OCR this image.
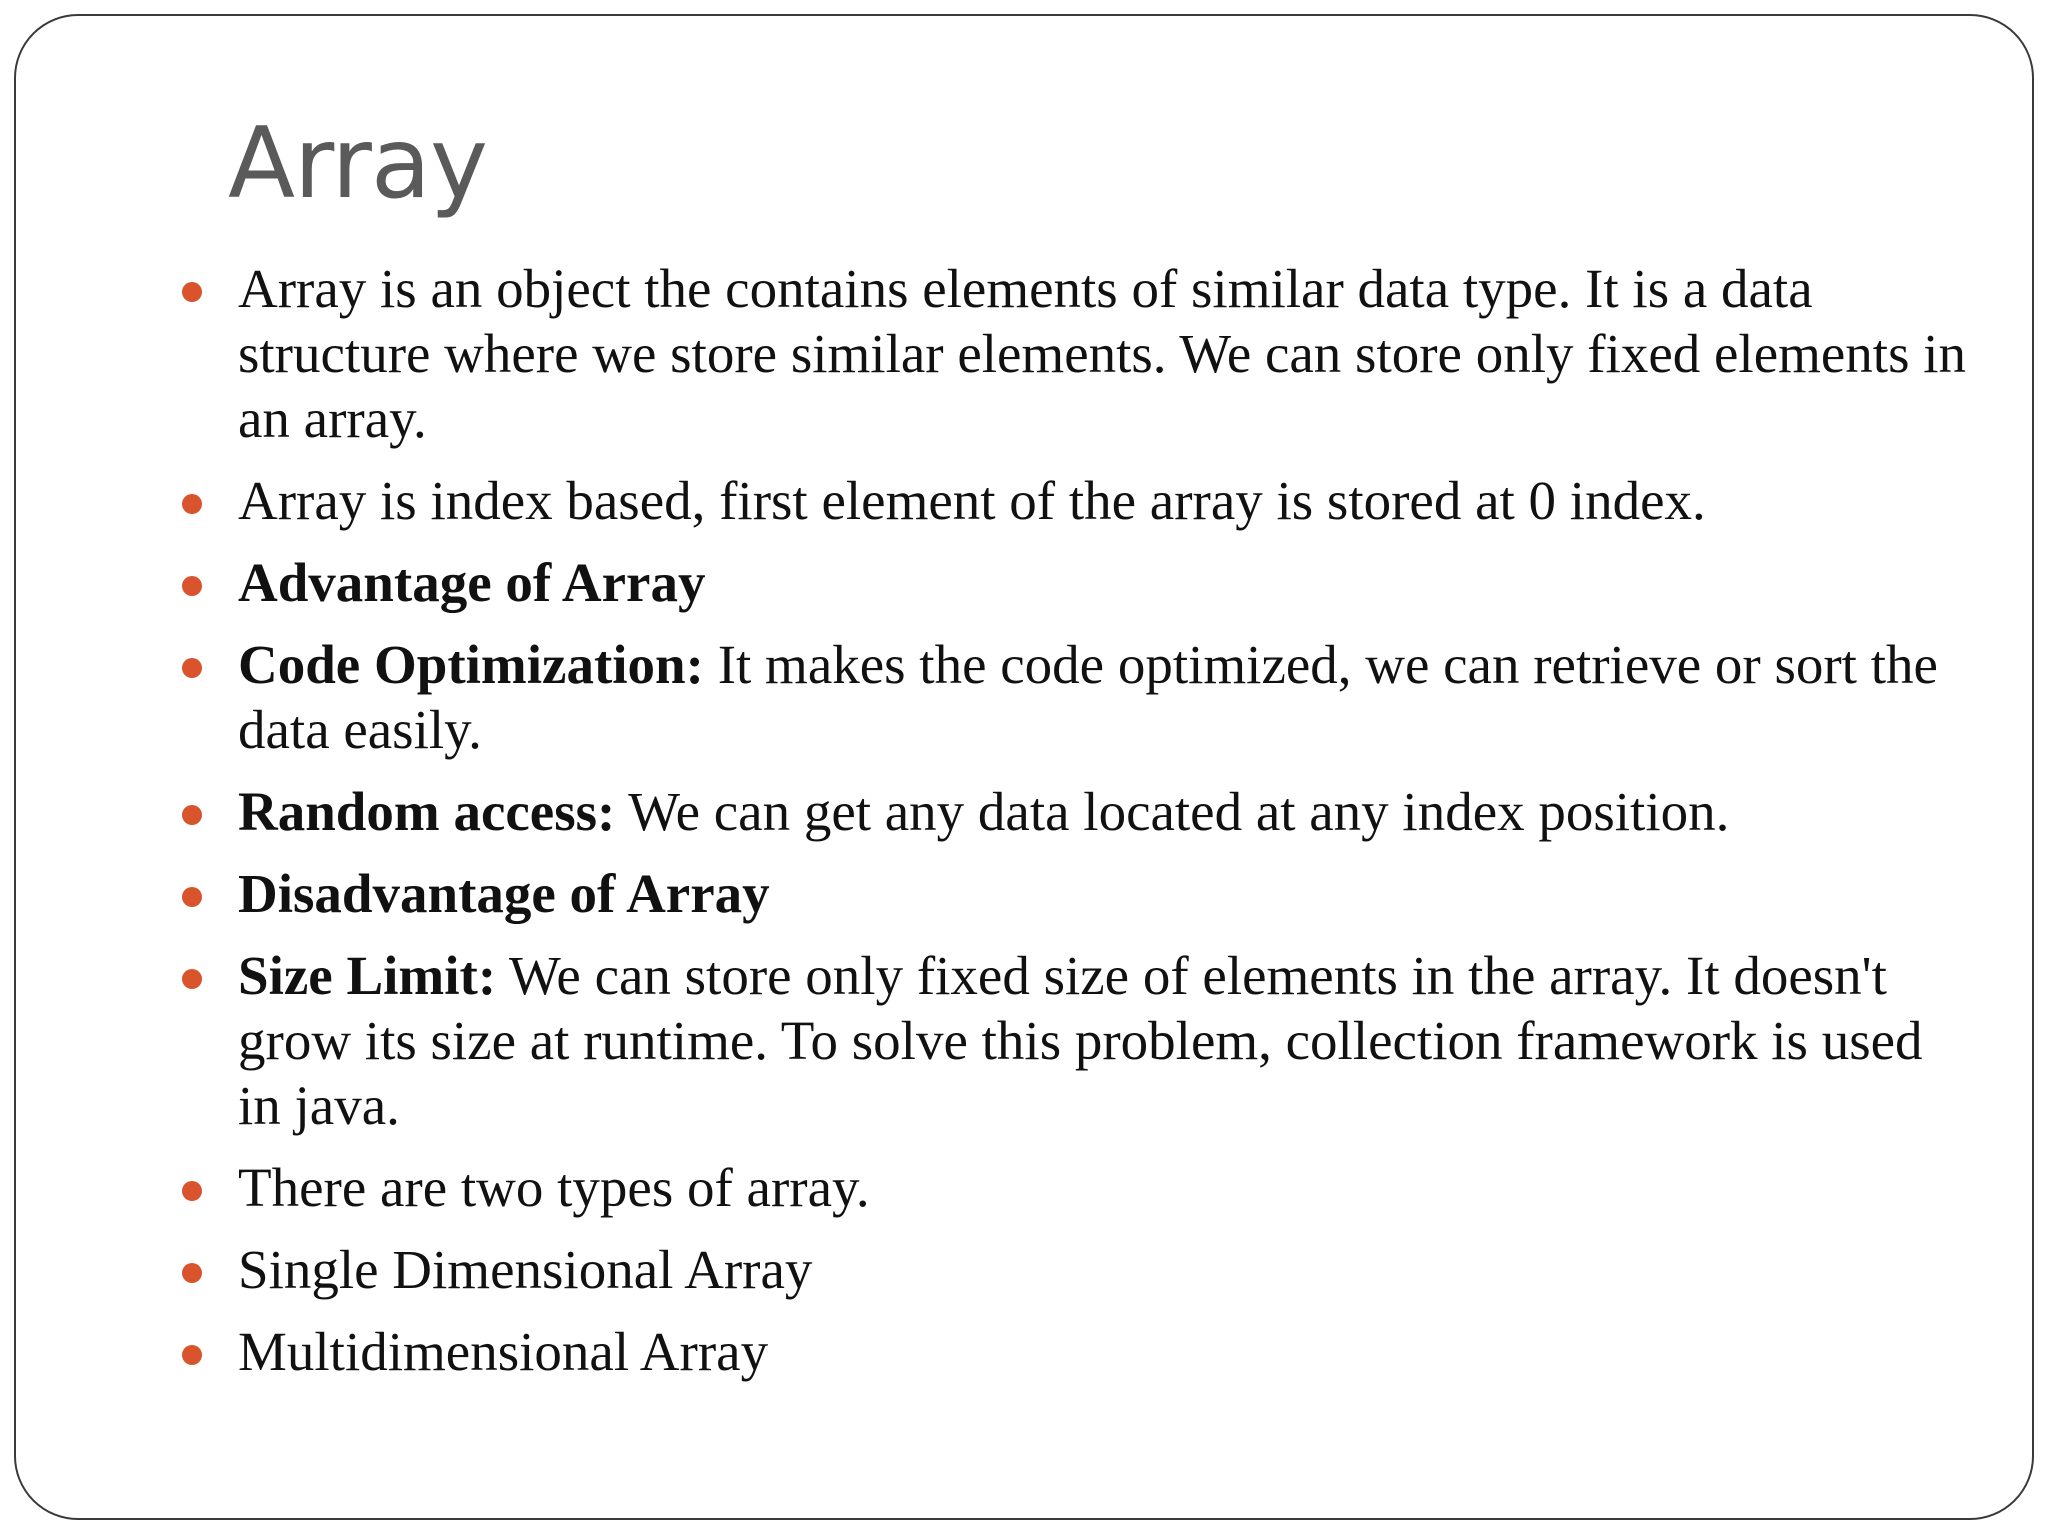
Array
Array is an object the contains elements of similar data type. It is a data structure where we store similar elements. We can store only fixed elements in an array.
Array is index based, first element of the array is stored at 0 index.
Advantage of Array
Code Optimization: It makes the code optimized, we can retrieve or sort the data easily.
Random access: We can get any data located at any index position.
Disadvantage of Array
Size Limit: We can store only fixed size of elements in the array. It doesn't grow its size at runtime. To solve this problem, collection framework is used in java.
There are two types of array.
Single Dimensional Array
Multidimensional Array
